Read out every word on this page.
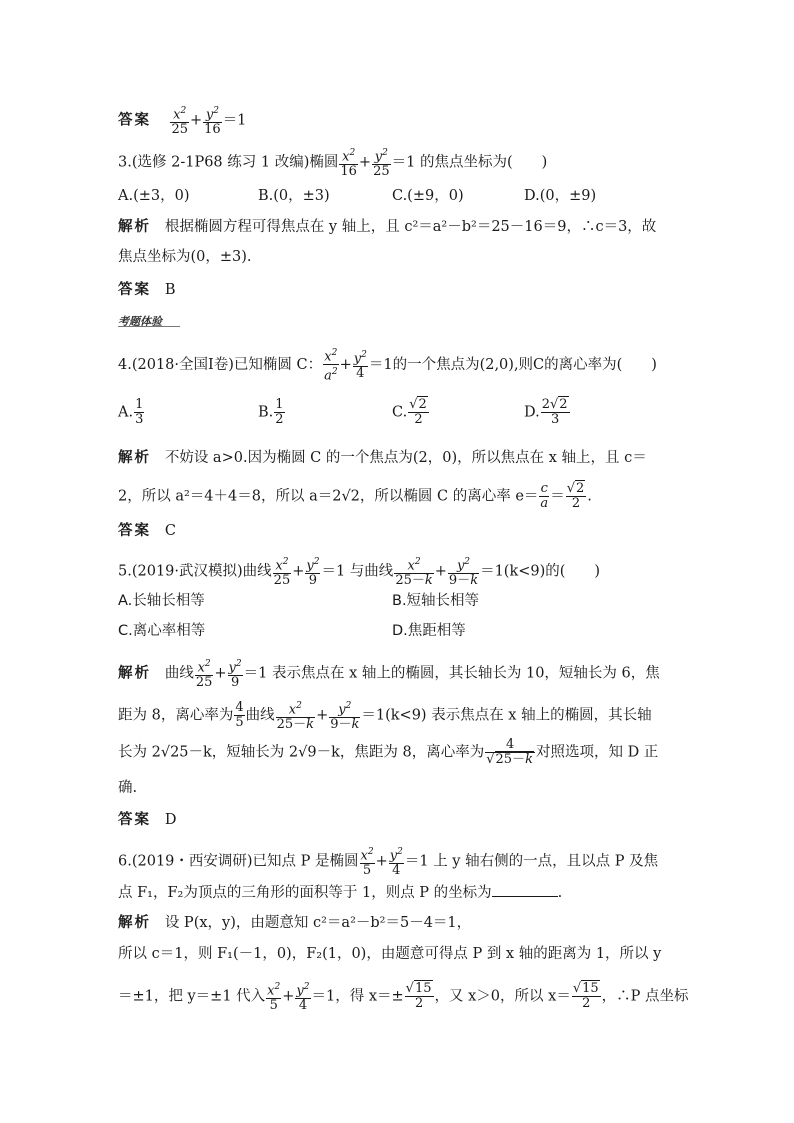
答案 $\frac{x^2}{25} + \frac{y^2}{16} =1$
3.(选修 2-1P68 练习 1 改编)椭圆 $\frac{x^2}{16} + \frac{y^2}{25} =1$ 的焦点坐标为(　　)
A.(±3，0)	B.(0，±3)	C.(±9，0)	D.(0，±9)
解析 根据椭圆方程可得焦点在 y 轴上，且 c²＝a²－b²＝25－16＝9，∴c＝3，故
焦点坐标为(0，±3).
答案 B
考题体验
4.(2018·全国Ⅰ卷)已知椭圆 C： $\frac{x^2}{a^2} + \frac{y^2}{4} =1$的一个焦点为(2,0),则C的离心率为(　　)
A. $\frac{1}{3}$	B. $\frac{1}{2}$	C. $\frac{√2}{2}$	D. $\frac{2√2}{3}$
解析 不妨设 a>0.因为椭圆 C 的一个焦点为(2，0)，所以焦点在 x 轴上，且 c＝
2，所以 a²＝4＋4＝8，所以 a＝2√2，所以椭圆 C 的离心率 $e= \frac{c}{a} = \frac{√2}{2}$ .
答案 C
5.(2019·武汉模拟)曲线 $\frac{x^2}{25} + \frac{y^2}{9} =1$ 与曲线 $\frac{x^2}{25-k} + \frac{y^2}{9-k} =1(k<9)$的(　　)
A.长轴长相等	B.短轴长相等
C.离心率相等	D.焦距相等
解析 曲线 $\frac{x^2}{25} + \frac{y^2}{9} =1$ 表示焦点在 x 轴上的椭圆，其长轴长为 10，短轴长为 6，焦
距为 8，离心率为 $\frac{4}{5}$ 曲线 $\frac{x^2}{25-k} + \frac{y^2}{9-k} =1(k<9)$ 表示焦点在 x 轴上的椭圆，其长轴
长为 2√25－k，短轴长为 2√9－k，焦距为 8，离心率为 $\frac{4}{√25-k}$ 对照选项，知 D 正
确.
答案 D
6.(2019・西安调研)已知点 P 是椭圆 $\frac{x^2}{5} + \frac{y^2}{4} =1$ 上 y 轴右侧的一点，且以点 P 及焦
点 F₁，F₂为顶点的三角形的面积等于 1，则点 P 的坐标为	.
解析 设 P(x，y)，由题意知 c²＝a²－b²＝5－4＝1，
所以 c＝1，则 F₁(－1，0)，F₂(1，0)，由题意可得点 P 到 x 轴的距离为 1，所以 y
＝±1，把 y＝±1 代入 $\frac{x^2}{5} + \frac{y^2}{4} =1$，得 $x=\pm \frac{√15}{2}$ ，又 x＞0，所以 $x= \frac{√15}{2}$ ，∴P 点坐标
